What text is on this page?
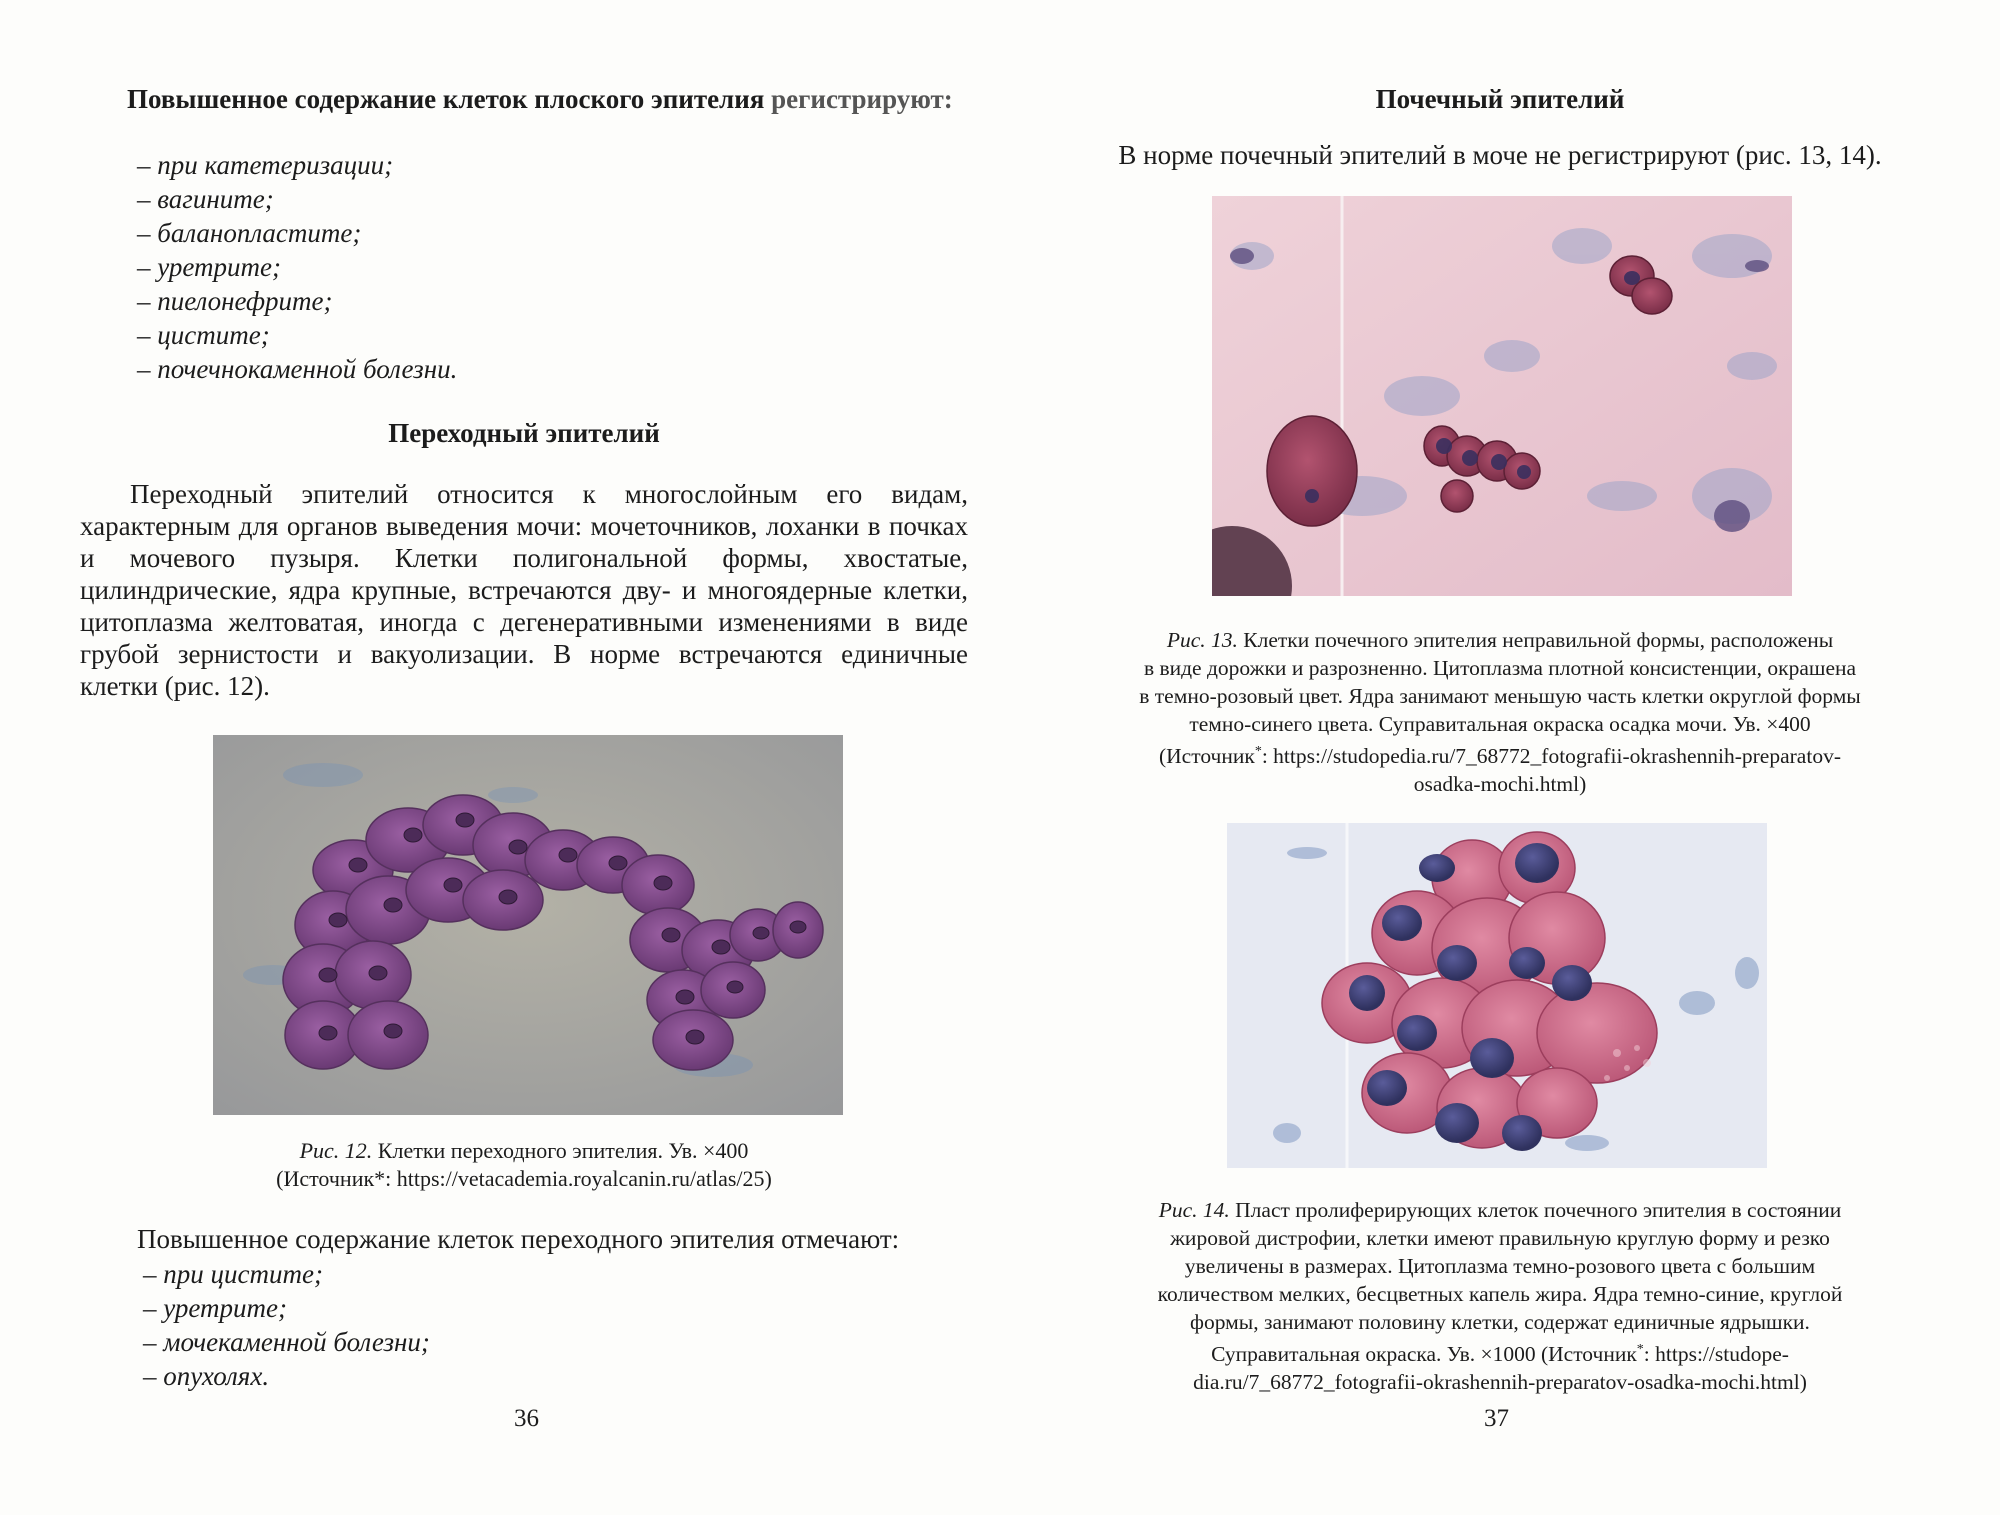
Повышенное содержание клеток плоского эпителия регистрируют:
– при катетеризации;
– вагините;
– баланопластите;
– уретрите;
– пиелонефрите;
– цистите;
– почечнокаменной болезни.
Переходный эпителий
Переходный эпителий относится к многослойным его видам, характерным для органов выведения мочи: мочеточников, лоханки в почках и мочевого пузыря. Клетки полигональной формы, хвостатые, цилиндрические, ядра крупные, встречаются дву- и многоядерные клетки, цитоплазма желтоватая, иногда с дегенеративными изменениями в виде грубой зернистости и вакуолизации. В норме встречаются единичные клетки (рис. 12).
Рис. 12. Клетки переходного эпителия. Ув. ×400
(Источник*: https://vetacademia.royalcanin.ru/atlas/25)
Повышенное содержание клеток переходного эпителия отмечают:
– при цистите;
– уретрите;
– мочекаменной болезни;
– опухолях.
36
Почечный эпителий
В норме почечный эпителий в моче не регистрируют (рис. 13, 14).
Рис. 13. Клетки почечного эпителия неправильной формы, расположены
в виде дорожки и разрозненно. Цитоплазма плотной консистенции, окрашена
в темно-розовый цвет. Ядра занимают меньшую часть клетки округлой формы
темно-синего цвета. Суправитальная окраска осадка мочи. Ув. ×400
(Источник*: https://studopedia.ru/7_68772_fotografii-okrashennih-preparatov-
osadka-mochi.html)
Рис. 14. Пласт пролиферирующих клеток почечного эпителия в состоянии
жировой дистрофии, клетки имеют правильную круглую форму и резко
увеличены в размерах. Цитоплазма темно-розового цвета с большим
количеством мелких, бесцветных капель жира. Ядра темно-синие, круглой
формы, занимают половину клетки, содержат единичные ядрышки.
Суправитальная окраска. Ув. ×1000 (Источник*: https://studope-
dia.ru/7_68772_fotografii-okrashennih-preparatov-osadka-mochi.html)
37
